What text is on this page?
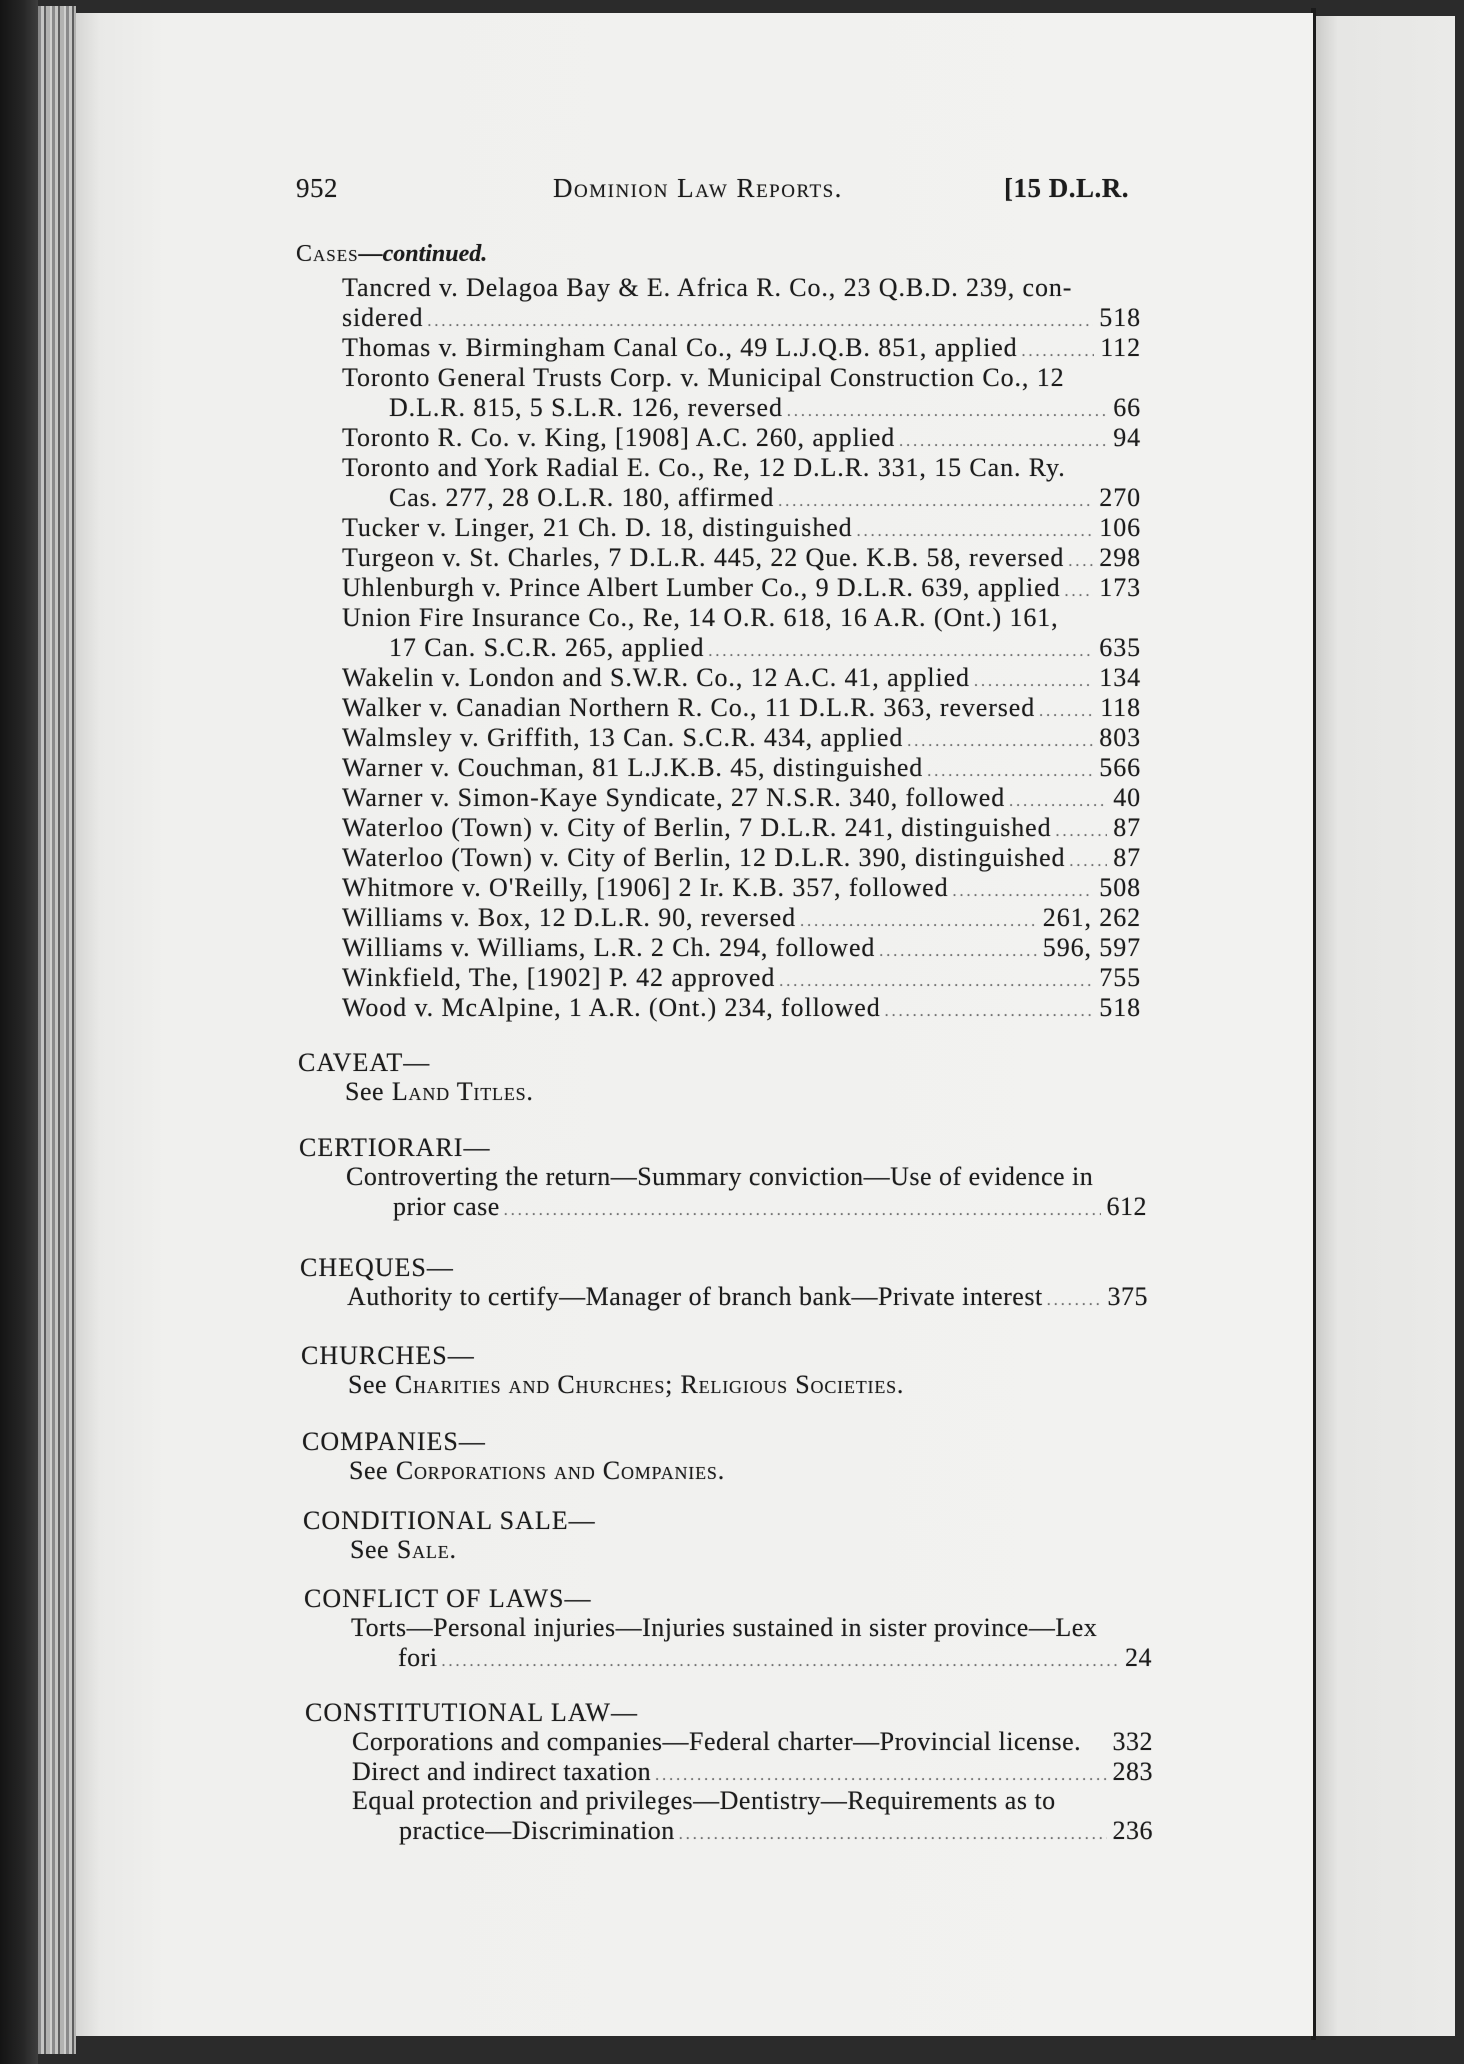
952	Dominion Law Reports.	[15 D.L.R.
Cases—continued.
Tancred v. Delagoa Bay & E. Africa R. Co., 23 Q.B.D. 239, con-
sidered .....	518
Thomas v. Birmingham Canal Co., 49 L.J.Q.B. 851, applied .....	112
Toronto General Trusts Corp. v. Municipal Construction Co., 12
D.L.R. 815, 5 S.L.R. 126, reversed .....	66
Toronto R. Co. v. King, [1908] A.C. 260, applied .....	94
Toronto and York Radial E. Co., Re, 12 D.L.R. 331, 15 Can. Ry.
Cas. 277, 28 O.L.R. 180, affirmed .....	270
Tucker v. Linger, 21 Ch. D. 18, distinguished .....	106
Turgeon v. St. Charles, 7 D.L.R. 445, 22 Que. K.B. 58, reversed ..... 298
Uhlenburgh v. Prince Albert Lumber Co., 9 D.L.R. 639, applied ..... 173
Union Fire Insurance Co., Re, 14 O.R. 618, 16 A.R. (Ont.) 161,
17 Can. S.C.R. 265, applied .....	635
Wakelin v. London and S.W.R. Co., 12 A.C. 41, applied .....	134
Walker v. Canadian Northern R. Co., 11 D.L.R. 363, reversed .....	118
Walmsley v. Griffith, 13 Can. S.C.R. 434, applied .....	803
Warner v. Couchman, 81 L.J.K.B. 45, distinguished .....	566
Warner v. Simon-Kaye Syndicate, 27 N.S.R. 340, followed .....	40
Waterloo (Town) v. City of Berlin, 7 D.L.R. 241, distinguished ..... 87
Waterloo (Town) v. City of Berlin, 12 D.L.R. 390, distinguished ..... 87
Whitmore v. O'Reilly, [1906] 2 Ir. K.B. 357, followed .....	508
Williams v. Box, 12 D.L.R. 90, reversed .....	261, 262
Williams v. Williams, L.R. 2 Ch. 294, followed .....	596, 597
Winkfield, The, [1902] P. 42 approved .....	755
Wood v. McAlpine, 1 A.R. (Ont.) 234, followed .....	518
CAVEAT—
See Land Titles.
CERTIORARI—
Controverting the return—Summary conviction—Use of evidence in
prior case .....	612
CHEQUES—
Authority to certify—Manager of branch bank—Private interest ..... 375
CHURCHES—
See Charities and Churches; Religious Societies.
COMPANIES—
See Corporations and Companies.
CONDITIONAL SALE—
See Sale.
CONFLICT OF LAWS—
Torts—Personal injuries—Injuries sustained in sister province—Lex
fori .....	24
CONSTITUTIONAL LAW—
Corporations and companies—Federal charter—Provincial license. 332
Direct and indirect taxation .....	283
Equal protection and privileges—Dentistry—Requirements as to
practice—Discrimination .....	236
